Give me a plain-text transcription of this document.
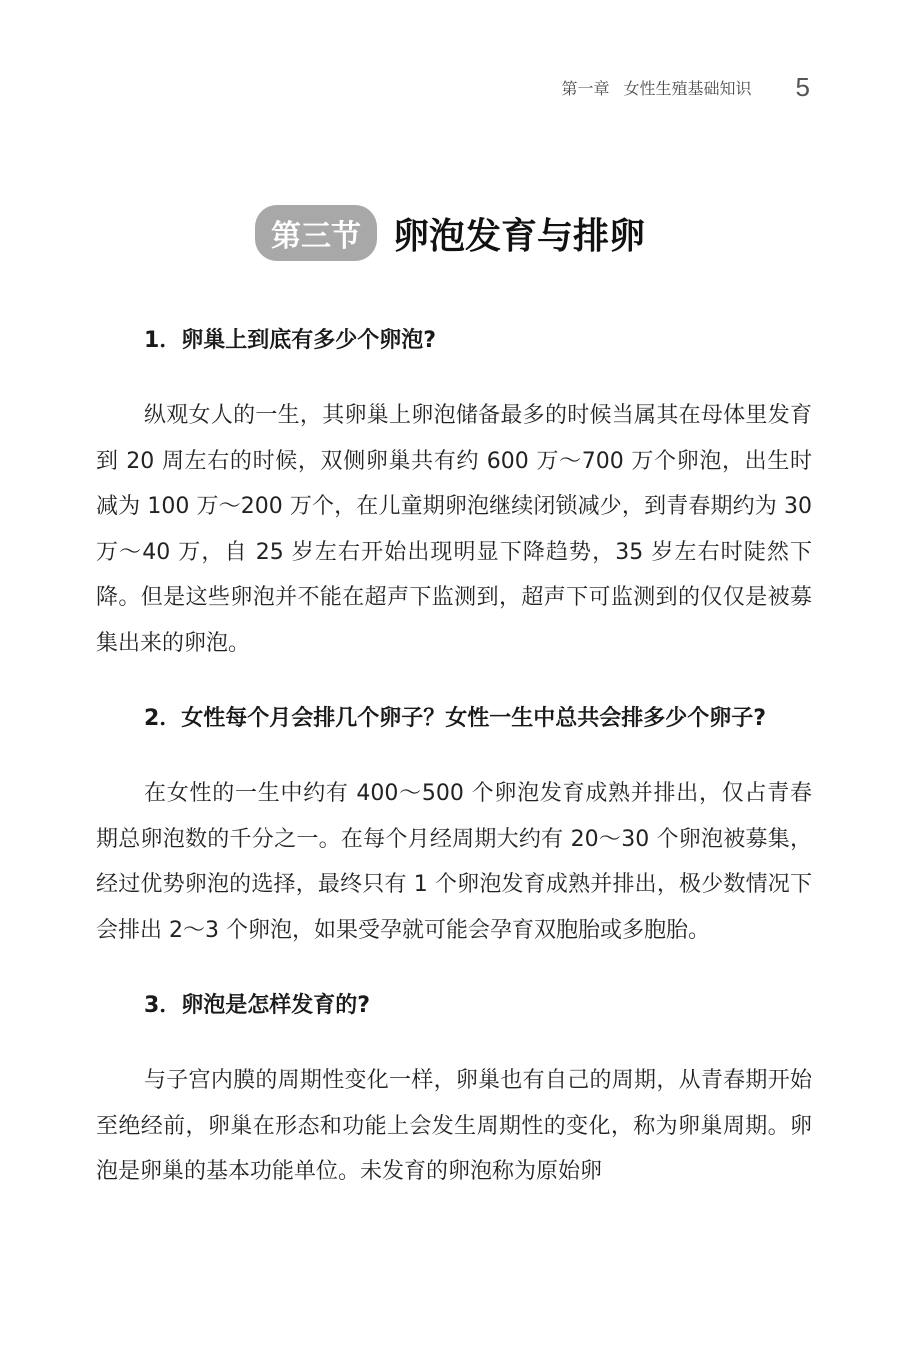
第一章 女性生殖基础知识 5
第三节 卵泡发育与排卵

1．卵巢上到底有多少个卵泡?

纵观女人的一生，其卵巢上卵泡储备最多的时候当属其在母体里发育到 20 周左右的时候，双侧卵巢共有约 600 万～700 万个卵泡，出生时减为 100 万～200 万个，在儿童期卵泡继续闭锁减少，到青春期约为 30 万～40 万，自 25 岁左右开始出现明显下降趋势，35 岁左右时陡然下降。但是这些卵泡并不能在超声下监测到，超声下可监测到的仅仅是被募集出来的卵泡。

2．女性每个月会排几个卵子？女性一生中总共会排多少个卵子?

在女性的一生中约有 400～500 个卵泡发育成熟并排出，仅占青春期总卵泡数的千分之一。在每个月经周期大约有 20～30 个卵泡被募集，经过优势卵泡的选择，最终只有 1 个卵泡发育成熟并排出，极少数情况下会排出 2～3 个卵泡，如果受孕就可能会孕育双胞胎或多胞胎。

3．卵泡是怎样发育的?

与子宫内膜的周期性变化一样，卵巢也有自己的周期，从青春期开始至绝经前，卵巢在形态和功能上会发生周期性的变化，称为卵巢周期。卵泡是卵巢的基本功能单位。未发育的卵泡称为原始卵
